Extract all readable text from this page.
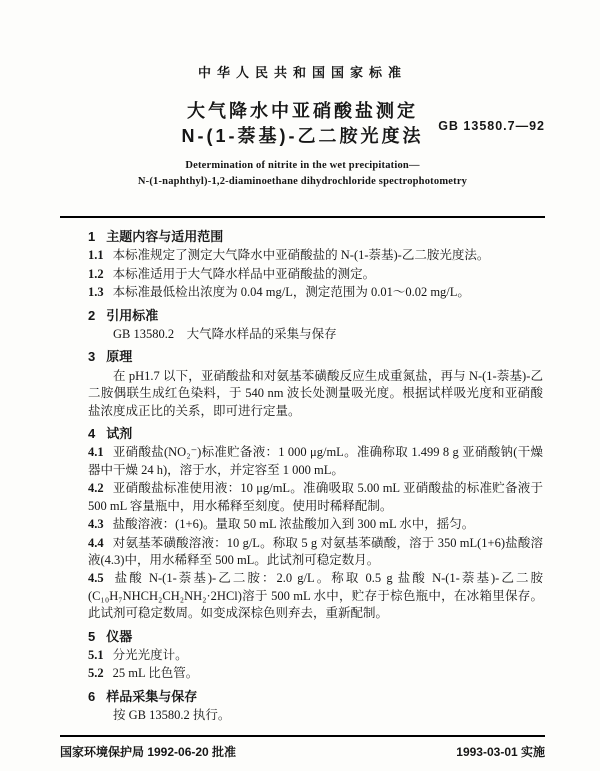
中华人民共和国国家标准
大气降水中亚硝酸盐测定
N-(1-萘基)-乙二胺光度法	GB 13580.7—92
Determination of nitrite in the wet precipitation—
N-(1-naphthyl)-1,2-diaminoethane dihydrochloride spectrophotometry
1 主题内容与适用范围

1.1 本标准规定了测定大气降水中亚硝酸盐的 N-(1-萘基)-乙二胺光度法。

1.2 本标准适用于大气降水样品中亚硝酸盐的测定。

1.3 本标准最低检出浓度为 0.04 mg/L，测定范围为 0.01～0.02 mg/L。

2 引用标准

GB 13580.2　大气降水样品的采集与保存

3 原理

在 pH1.7 以下，亚硝酸盐和对氨基苯磺酸反应生成重氮盐，再与 N-(1-萘基)-乙二胺偶联生成红色染料，于 540 nm 波长处测量吸光度。根据试样吸光度和亚硝酸盐浓度成正比的关系，即可进行定量。

4 试剂

4.1 亚硝酸盐(NO₂⁻)标准贮备液：1 000 μg/mL。准确称取 1.499 8 g 亚硝酸钠(干燥器中干燥 24 h)，溶于水，并定容至 1 000 mL。

4.2 亚硝酸盐标准使用液：10 μg/mL。准确吸取 5.00 mL 亚硝酸盐的标准贮备液于 500 mL 容量瓶中，用水稀释至刻度。使用时稀释配制。

4.3 盐酸溶液：(1+6)。量取 50 mL 浓盐酸加入到 300 mL 水中，摇匀。

4.4 对氨基苯磺酸溶液：10 g/L。称取 5 g 对氨基苯磺酸，溶于 350 mL(1+6)盐酸溶液(4.3)中，用水稀释至 500 mL。此试剂可稳定数月。

4.5 盐酸 N-(1-萘基)-乙二胺：2.0 g/L。称取 0.5 g 盐酸 N-(1-萘基)-乙二胺(C₁₀H₇NHCH₂CH₂NH₂·2HCl)溶于 500 mL 水中，贮存于棕色瓶中，在冰箱里保存。此试剂可稳定数周。如变成深棕色则弃去，重新配制。

5 仪器

5.1 分光光度计。

5.2 25 mL 比色管。

6 样品采集与保存

按 GB 13580.2 执行。

国家环境保护局 1992-06-20 批准	1993-03-01 实施
